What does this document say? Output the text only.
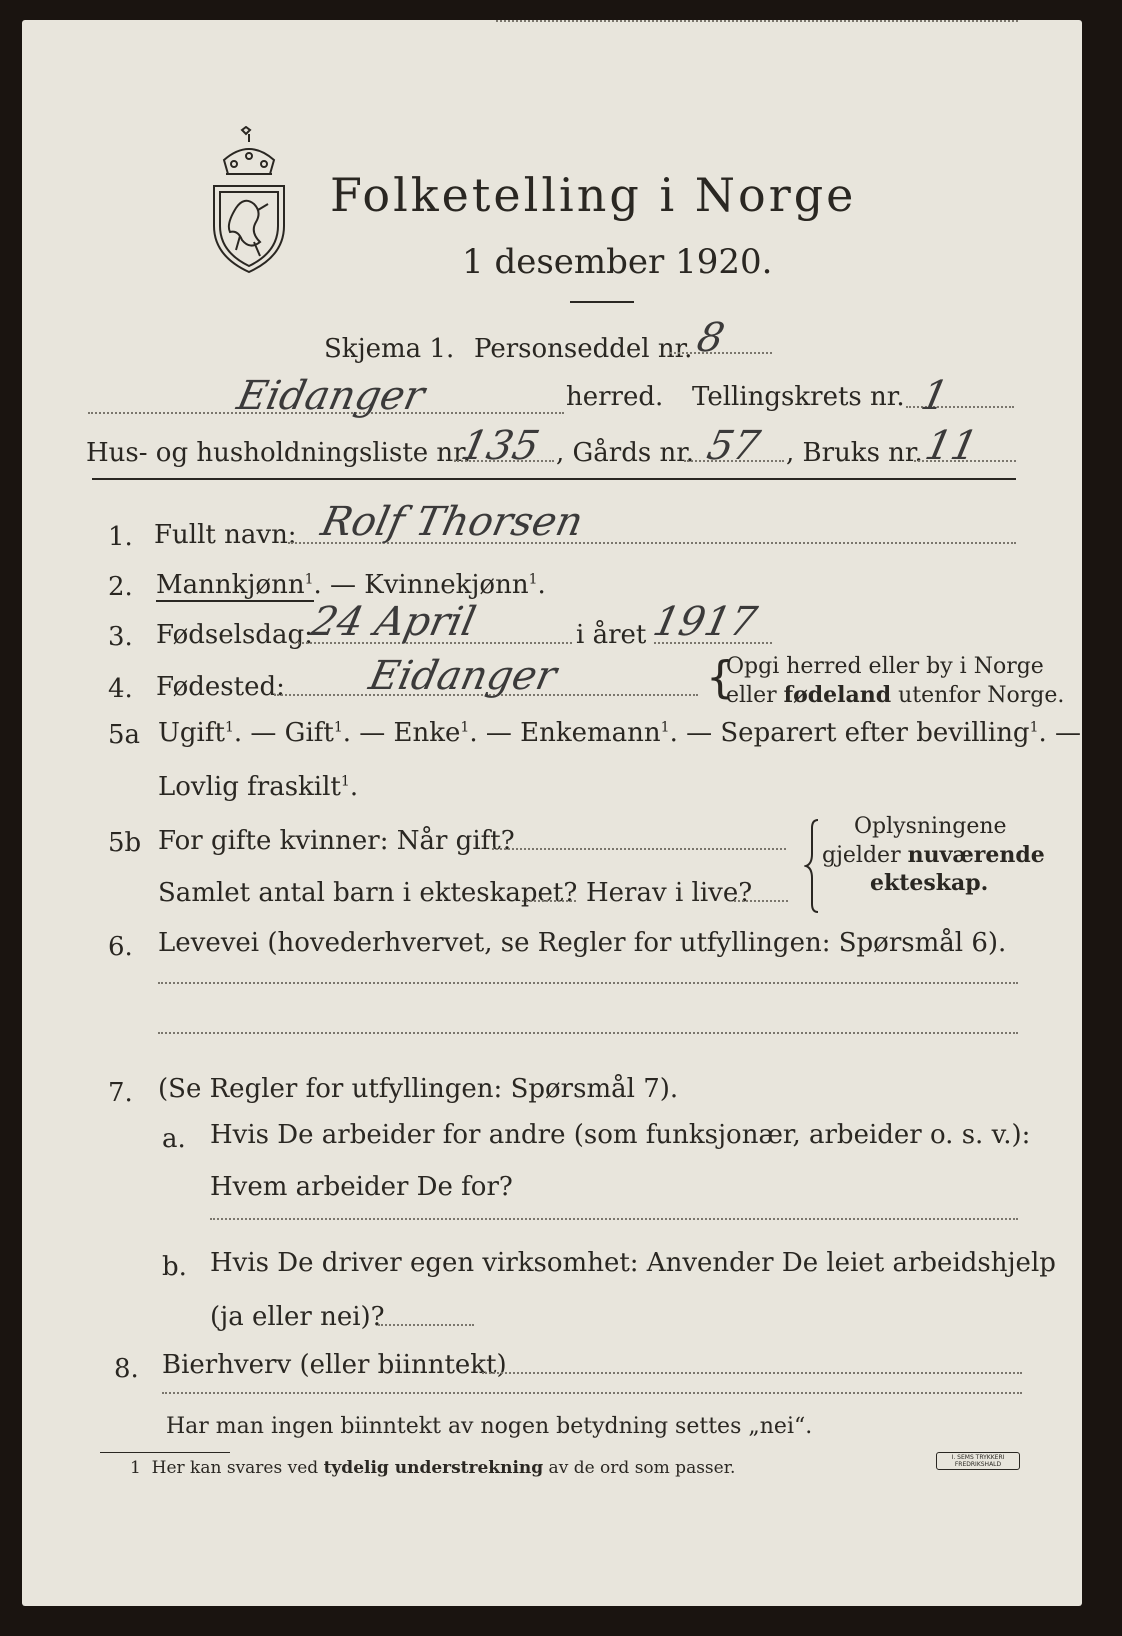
Folketelling i Norge
1 desember 1920.
Skjema 1. Personseddel nr. 8
Eidanger	herred. Tellingskrets nr. 1
Hus- og husholdningsliste nr.
135 , Gårds nr. 57 , Bruks nr.
11
1. Fullt navn: Rolf Thorsen
2. Mannkjønn$^1$. — Kvinnekjønn$^1$.
3. Fødselsdag:
24 April	i året 1917
4. Fødested: Eidanger	{
Opgi herred eller by i Norge
eller fødeland utenfor Norge.
5a Ugift$^1$. — Gift$^1$. — Enke$^1$. — Enkemann$^1$. — Separert efter bevilling$^1$. —
Lovlig fraskilt$^1$.
5b For gifte kvinner: Når gift?
Samlet antal barn i ekteskapet? Herav i live?
Oplysningene
gjelder nuværende
ekteskap.
6. Levevei (hovederhvervet, se Regler for utfyllingen: Spørsmål 6).
7. (Se Regler for utfyllingen: Spørsmål 7).
a. Hvis De arbeider for andre (som funksjonær, arbeider o. s. v.):
Hvem arbeider De for?
b. Hvis De driver egen virksomhet: Anvender De leiet arbeidshjelp
(ja eller nei)?
8. Bierhverv (eller biinntekt)
Har man ingen biinntekt av nogen betydning settes „nei“.
1 Her kan svares ved tydelig understrekning av de ord som passer.
I. SEMS TRYKKERI
FREDRIKSHALD
